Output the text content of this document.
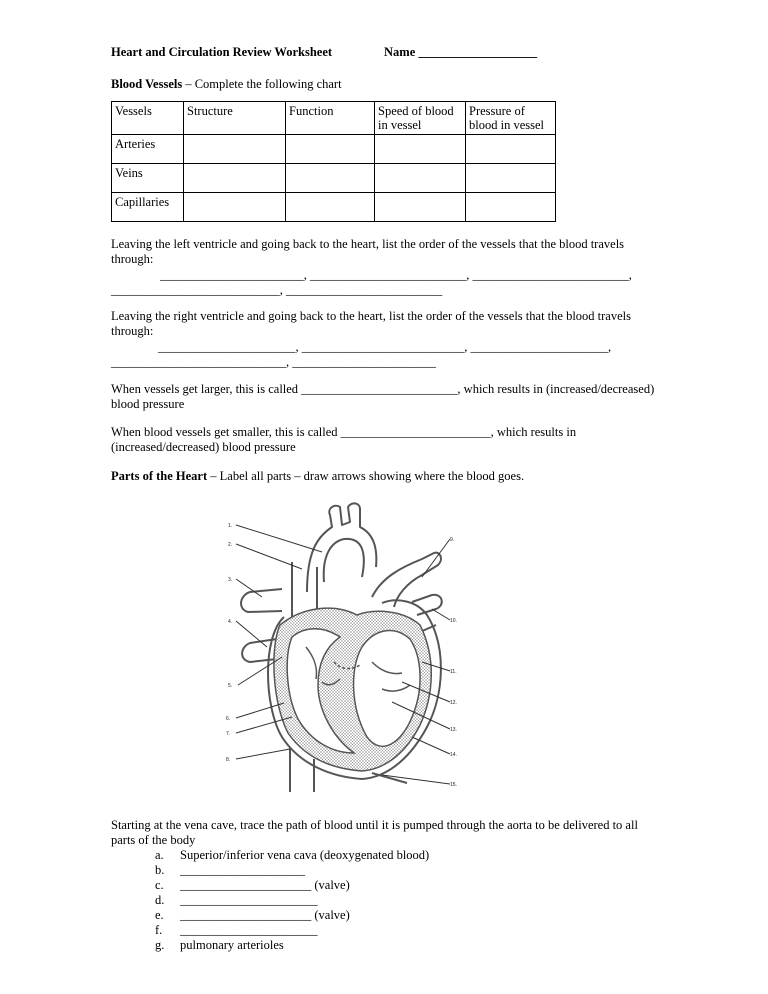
Heart and Circulation Review Worksheet	Name ___________________
Blood Vessels – Complete the following chart
Vessels	Structure	Function	Speed of blood in vessel	Pressure of blood in vessel
Arteries				
Veins				
Capillaries				
Leaving the left ventricle and going back to the heart, list the order of the vessels that the blood travels through:
_______________________, _________________________, _________________________,
___________________________, _________________________
Leaving the right ventricle and going back to the heart, list the order of the vessels that the blood travels through:
______________________, __________________________, ______________________,
____________________________, _______________________
When vessels get larger, this is called _________________________, which results in (increased/decreased) blood pressure
When blood vessels get smaller, this is called ________________________, which results in (increased/decreased) blood pressure
Parts of the Heart – Label all parts – draw arrows showing where the blood goes.
1.
2.
3.
4.
5.
6.
7.
8.
9.
10.
11.
12.
13.
14.
15.
Starting at the vena cave, trace the path of blood until it is pumped through the aorta to be delivered to all parts of the body
a. Superior/inferior vena cava (deoxygenated blood)
b. ____________________
c. _____________________ (valve)
d. ______________________
e. _____________________ (valve)
f. ______________________
g. pulmonary arterioles
